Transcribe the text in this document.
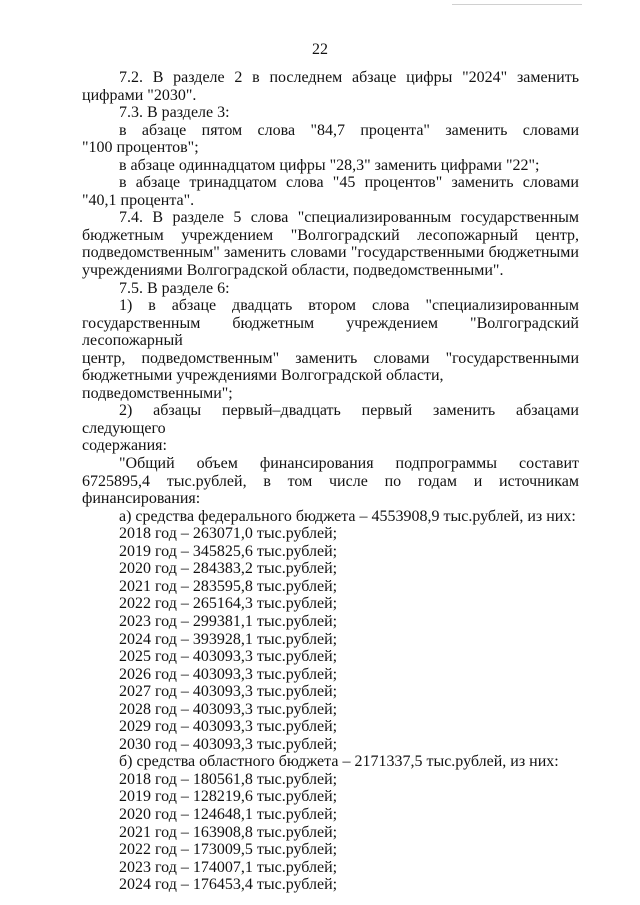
22
7.2. В разделе 2 в последнем абзаце цифры "2024" заменить
цифрами "2030".
7.3. В разделе 3:
в абзаце пятом слова "84,7 процента" заменить словами
"100 процентов";
в абзаце одиннадцатом цифры "28,3" заменить цифрами "22";
в абзаце тринадцатом слова "45 процентов" заменить словами
"40,1 процента".
7.4. В разделе 5 слова "специализированным государственным
бюджетным учреждением "Волгоградский лесопожарный центр,
подведомственным" заменить словами "государственными бюджетными
учреждениями Волгоградской области, подведомственными".
7.5. В разделе 6:
1) в абзаце двадцать втором слова "специализированным
государственным бюджетным учреждением "Волгоградский лесопожарный
центр, подведомственным" заменить словами "государственными
бюджетными учреждениями Волгоградской области, подведомственными";
2) абзацы первый–двадцать первый заменить абзацами следующего
содержания:
"Общий объем финансирования подпрограммы составит
6725895,4 тыс.рублей, в том числе по годам и источникам
финансирования:
а) средства федерального бюджета – 4553908,9 тыс.рублей, из них:
2018 год – 263071,0 тыс.рублей;
2019 год – 345825,6 тыс.рублей;
2020 год – 284383,2 тыс.рублей;
2021 год – 283595,8 тыс.рублей;
2022 год – 265164,3 тыс.рублей;
2023 год – 299381,1 тыс.рублей;
2024 год – 393928,1 тыс.рублей;
2025 год – 403093,3 тыс.рублей;
2026 год – 403093,3 тыс.рублей;
2027 год – 403093,3 тыс.рублей;
2028 год – 403093,3 тыс.рублей;
2029 год – 403093,3 тыс.рублей;
2030 год – 403093,3 тыс.рублей;
б) средства областного бюджета – 2171337,5 тыс.рублей, из них:
2018 год – 180561,8 тыс.рублей;
2019 год – 128219,6 тыс.рублей;
2020 год – 124648,1 тыс.рублей;
2021 год – 163908,8 тыс.рублей;
2022 год – 173009,5 тыс.рублей;
2023 год – 174007,1 тыс.рублей;
2024 год – 176453,4 тыс.рублей;
